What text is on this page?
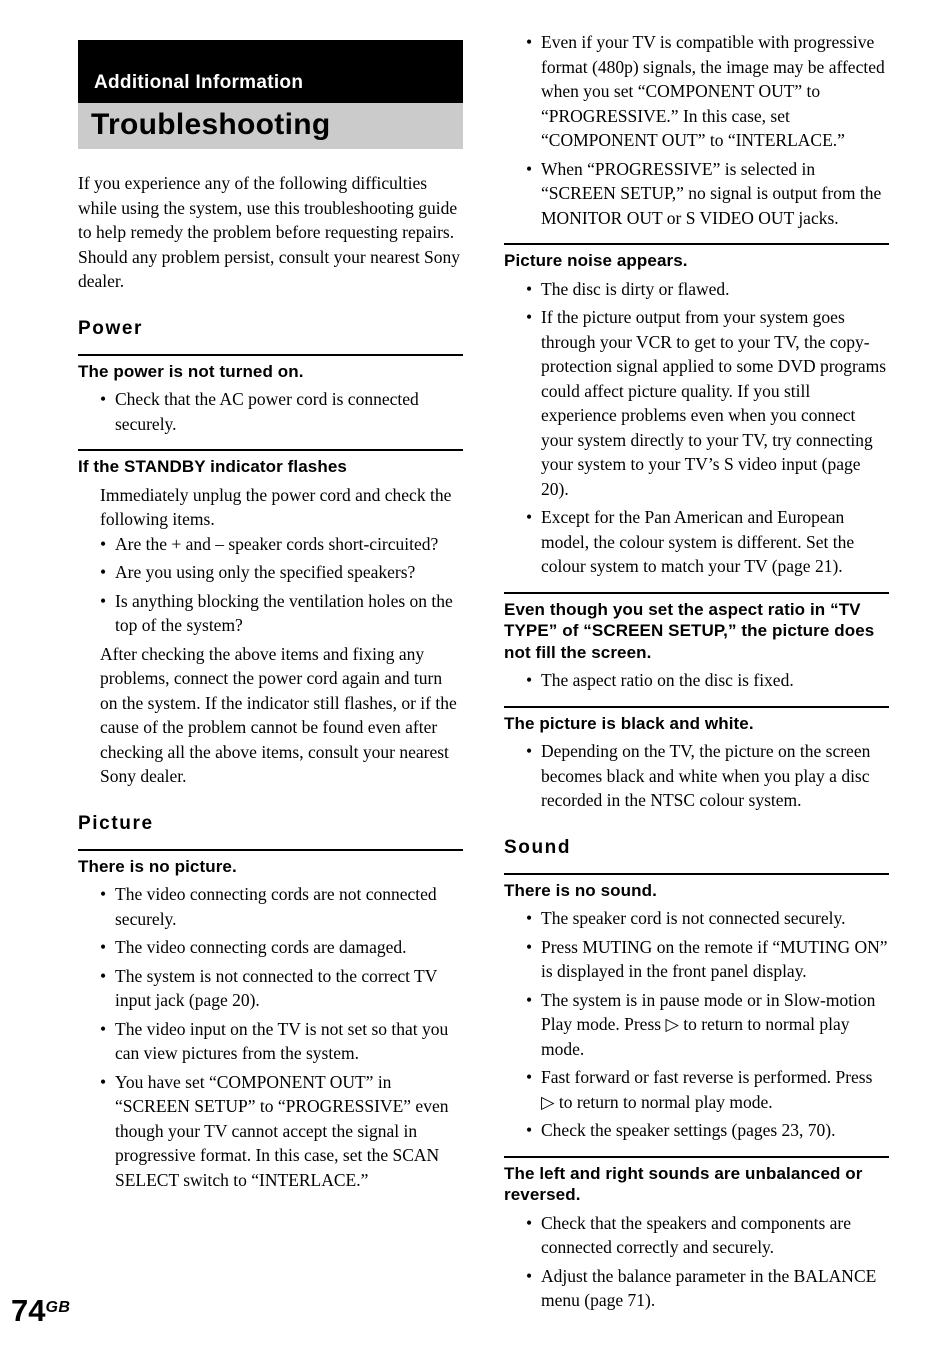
Additional Information
Troubleshooting

If you experience any of the following difficulties while using the system, use this troubleshooting guide to help remedy the problem before requesting repairs. Should any problem persist, consult your nearest Sony dealer.

Power
The power is not turned on.
• Check that the AC power cord is connected securely.
If the STANDBY indicator flashes
Immediately unplug the power cord and check the following items.
• Are the + and – speaker cords short-circuited?
• Are you using only the specified speakers?
• Is anything blocking the ventilation holes on the top of the system?
After checking the above items and fixing any problems, connect the power cord again and turn on the system. If the indicator still flashes, or if the cause of the problem cannot be found even after checking all the above items, consult your nearest Sony dealer.
Picture
There is no picture.
• The video connecting cords are not connected securely.
• The video connecting cords are damaged.
• The system is not connected to the correct TV input jack (page 20).
• The video input on the TV is not set so that you can view pictures from the system.
• You have set “COMPONENT OUT” in “SCREEN SETUP” to “PROGRESSIVE” even though your TV cannot accept the signal in progressive format. In this case, set the SCAN SELECT switch to “INTERLACE.”
• Even if your TV is compatible with progressive format (480p) signals, the image may be affected when you set “COMPONENT OUT” to “PROGRESSIVE.” In this case, set “COMPONENT OUT” to “INTERLACE.”
• When “PROGRESSIVE” is selected in “SCREEN SETUP,” no signal is output from the MONITOR OUT or S VIDEO OUT jacks.
Picture noise appears.
• The disc is dirty or flawed.
• If the picture output from your system goes through your VCR to get to your TV, the copy-protection signal applied to some DVD programs could affect picture quality. If you still experience problems even when you connect your system directly to your TV, try connecting your system to your TV’s S video input (page 20).
• Except for the Pan American and European model, the colour system is different. Set the colour system to match your TV (page 21).
Even though you set the aspect ratio in “TV TYPE” of “SCREEN SETUP,” the picture does not fill the screen.
• The aspect ratio on the disc is fixed.
The picture is black and white.
• Depending on the TV, the picture on the screen becomes black and white when you play a disc recorded in the NTSC colour system.
Sound
There is no sound.
• The speaker cord is not connected securely.
• Press MUTING on the remote if “MUTING ON” is displayed in the front panel display.
• The system is in pause mode or in Slow-motion Play mode. Press ▷ to return to normal play mode.
• Fast forward or fast reverse is performed. Press ▷ to return to normal play mode.
• Check the speaker settings (pages 23, 70).
The left and right sounds are unbalanced or reversed.
• Check that the speakers and components are connected correctly and securely.
• Adjust the balance parameter in the BALANCE menu (page 71).
74GB
